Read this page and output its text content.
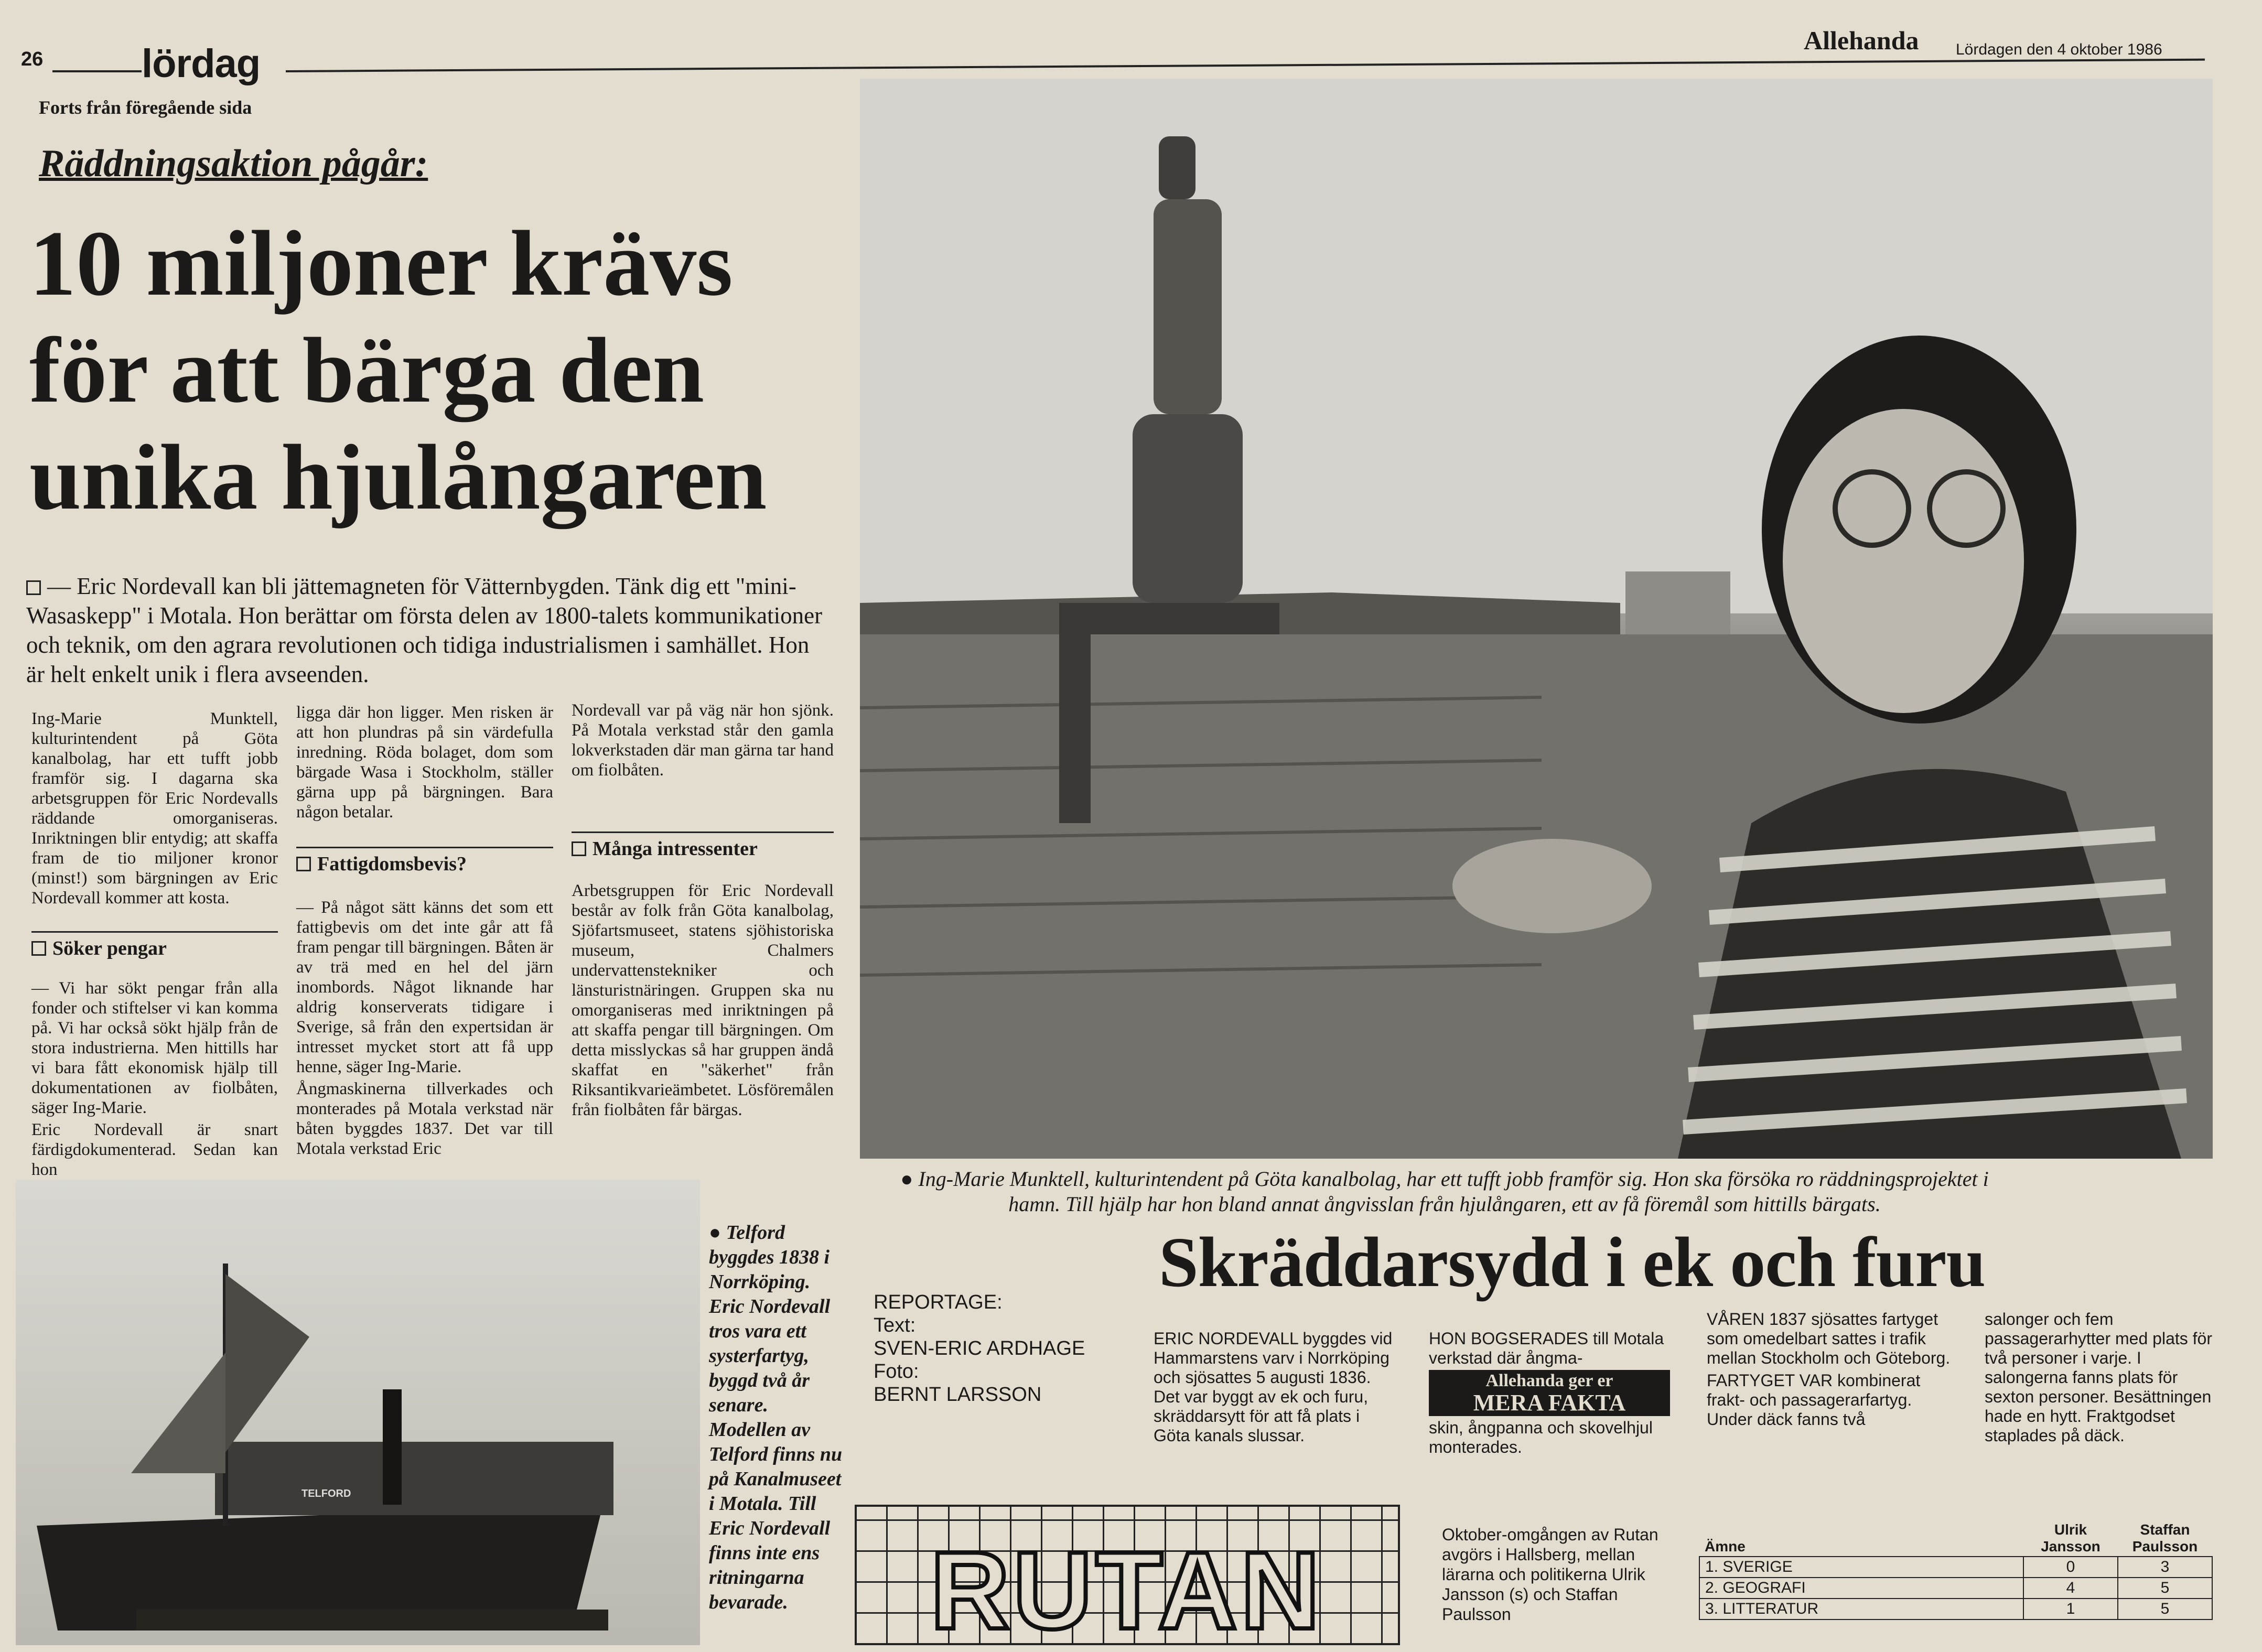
26 lördag
Allehanda Lördagen den 4 oktober 1986
Forts från föregående sida
Räddningsaktion pågår:
10 miljoner krävs för att bärga den unika hjulångaren
— Eric Nordevall kan bli jättemagneten för Vätternbygden. Tänk dig ett "mini-Wasaskepp" i Motala. Hon berättar om första delen av 1800-talets kommunikationer och teknik, om den agrara revolutionen och tidiga industrialismen i samhället. Hon är helt enkelt unik i flera avseenden.

Ing-Marie Munktell, kulturintendent på Göta kanalbolag, har ett tufft jobb framför sig. I dagarna ska arbetsgruppen för Eric Nordevalls räddande omorganiseras. Inriktningen blir entydig; att skaffa fram de tio miljoner kronor (minst!) som bärgningen av Eric Nordevall kommer att kosta.

Söker pengar

— Vi har sökt pengar från alla fonder och stiftelser vi kan komma på. Vi har också sökt hjälp från de stora industrierna. Men hittills har vi bara fått ekonomisk hjälp till dokumentationen av fiolbåten, säger Ing-Marie.

Eric Nordevall är snart färdigdokumenterad. Sedan kan hon

ligga där hon ligger. Men risken är att hon plundras på sin värdefulla inredning. Röda bolaget, dom som bärgade Wasa i Stockholm, ställer gärna upp på bärgningen. Bara någon betalar.

Fattigdomsbevis?

— På något sätt känns det som ett fattigbevis om det inte går att få fram pengar till bärgningen. Båten är av trä med en hel del järn inombords. Något liknande har aldrig konserverats tidigare i Sverige, så från den expertsidan är intresset mycket stort att få upp henne, säger Ing-Marie.

Ångmaskinerna tillverkades och monterades på Motala verkstad när båten byggdes 1837. Det var till Motala verkstad Eric

Nordevall var på väg när hon sjönk. På Motala verkstad står den gamla lokverkstaden där man gärna tar hand om fiolbåten.

Många intressenter

Arbetsgruppen för Eric Nordevall består av folk från Göta kanalbolag, Sjöfartsmuseet, statens sjöhistoriska museum, Chalmers undervattenstekniker och länsturistnäringen. Gruppen ska nu omorganiseras med inriktningen på att skaffa pengar till bärgningen. Om detta misslyckas så har gruppen ändå skaffat en "säkerhet" från Riksantikvarieämbetet. Lösföremålen från fiolbåten får bärgas.

● Ing-Marie Munktell, kulturintendent på Göta kanalbolag, har ett tufft jobb framför sig. Hon ska försöka ro räddningsprojektet i hamn. Till hjälp har hon bland annat ångvisslan från hjulångaren, ett av få föremål som hittills bärgats.
TELFORD
● Telford byggdes 1838 i Norrköping. Eric Nordevall tros vara ett systerfartyg, byggd två år senare. Modellen av Telford finns nu på Kanalmuseet i Motala. Till Eric Nordevall finns inte ens ritningarna bevarade.
REPORTAGE:
Text:
SVEN-ERIC ARDHAGE
Foto:
BERNT LARSSON
Skräddarsydd i ek och furu
ERIC NORDEVALL byggdes vid Hammarstens varv i Norrköping och sjösattes 5 augusti 1836. Det var byggt av ek och furu, skräddarsytt för att få plats i Göta kanals slussar.
HON BOGSERADES till Motala verkstad där ångma-
Allehanda ger er
MERA FAKTA
skin, ångpanna och skovelhjul monterades.

VÅREN 1837 sjösattes fartyget som omedelbart sattes i trafik mellan Stockholm och Göteborg.

FARTYGET VAR kombinerat frakt- och passagerarfartyg. Under däck fanns två

salonger och fem passagerarhytter med plats för två personer i varje. I salongerna fanns plats för sexton personer. Besättningen hade en hytt. Fraktgodset staplades på däck.
RUTAN	Oktober-omgången av Rutan avgörs i Hallsberg, mellan lärarna och politikerna Ulrik Jansson (s) och Staffan Paulsson
Ämne	Ulrik Jansson	Staffan Paulsson
1. SVERIGE	0	3
2. GEOGRAFI	4	5
3. LITTERATUR	1	5
